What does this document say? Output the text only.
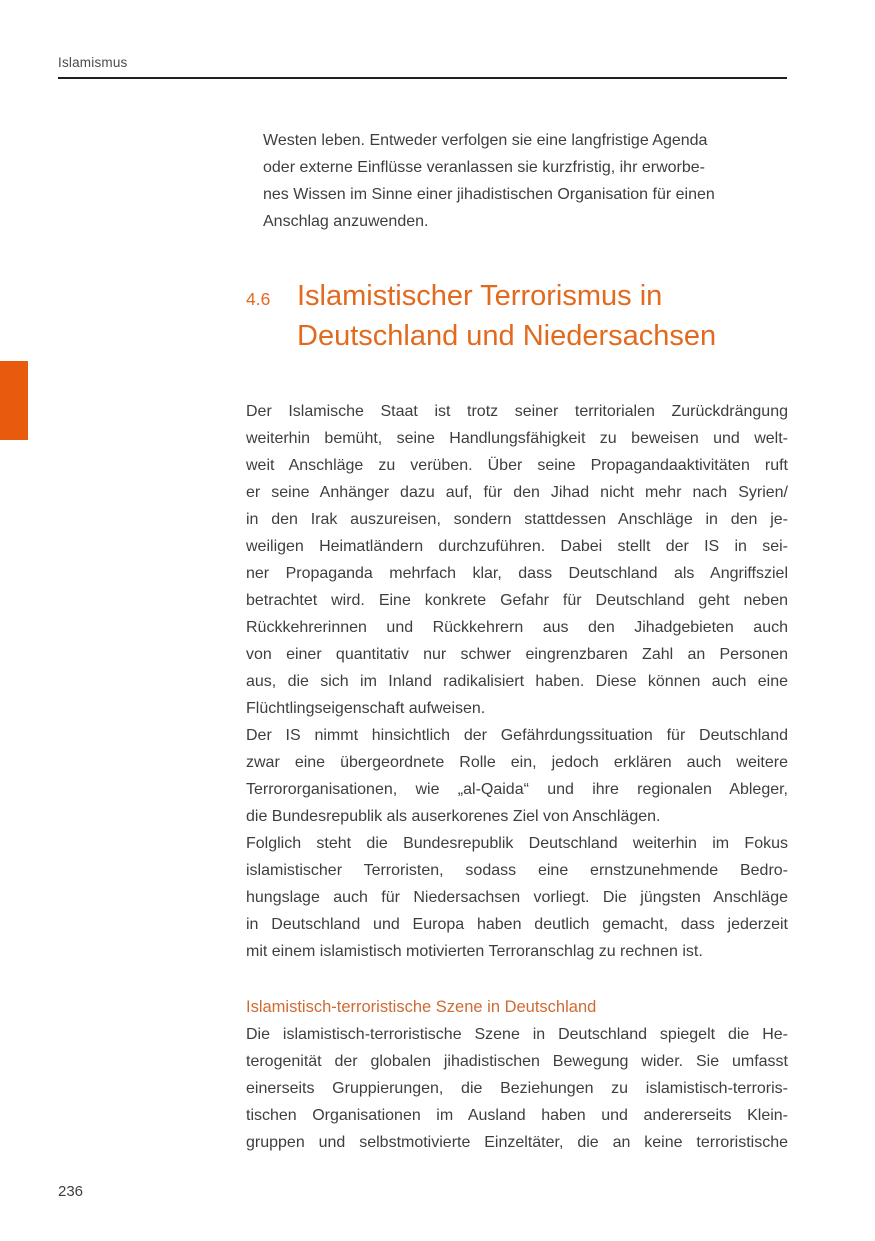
Islamismus
Westen leben. Entweder verfolgen sie eine langfristige Agenda
oder externe Einflüsse veranlassen sie kurzfristig, ihr erworbe-
nes Wissen im Sinne einer jihadistischen Organisation für einen
Anschlag anzuwenden.
4.6 Islamistischer Terrorismus in
Deutschland und Niedersachsen
Der Islamische Staat ist trotz seiner territorialen Zurückdrängung
weiterhin bemüht, seine Handlungsfähigkeit zu beweisen und welt-
weit Anschläge zu verüben. Über seine Propagandaaktivitäten ruft
er seine Anhänger dazu auf, für den Jihad nicht mehr nach Syrien/
in den Irak auszureisen, sondern stattdessen Anschläge in den je-
weiligen Heimatländern durchzuführen. Dabei stellt der IS in sei-
ner Propaganda mehrfach klar, dass Deutschland als Angriffsziel
betrachtet wird. Eine konkrete Gefahr für Deutschland geht neben
Rückkehrerinnen und Rückkehrern aus den Jihadgebieten auch
von einer quantitativ nur schwer eingrenzbaren Zahl an Personen
aus, die sich im Inland radikalisiert haben. Diese können auch eine
Flüchtlingseigenschaft aufweisen.
Der IS nimmt hinsichtlich der Gefährdungssituation für Deutschland
zwar eine übergeordnete Rolle ein, jedoch erklären auch weitere
Terrororganisationen, wie „al-Qaida“ und ihre regionalen Ableger,
die Bundesrepublik als auserkorenes Ziel von Anschlägen.
Folglich steht die Bundesrepublik Deutschland weiterhin im Fokus
islamistischer Terroristen, sodass eine ernstzunehmende Bedro-
hungslage auch für Niedersachsen vorliegt. Die jüngsten Anschläge
in Deutschland und Europa haben deutlich gemacht, dass jederzeit
mit einem islamistisch motivierten Terroranschlag zu rechnen ist.
Islamistisch-terroristische Szene in Deutschland
Die islamistisch-terroristische Szene in Deutschland spiegelt die He-
terogenität der globalen jihadistischen Bewegung wider. Sie umfasst
einerseits Gruppierungen, die Beziehungen zu islamistisch-terroris-
tischen Organisationen im Ausland haben und andererseits Klein-
gruppen und selbstmotivierte Einzeltäter, die an keine terroristische
236
